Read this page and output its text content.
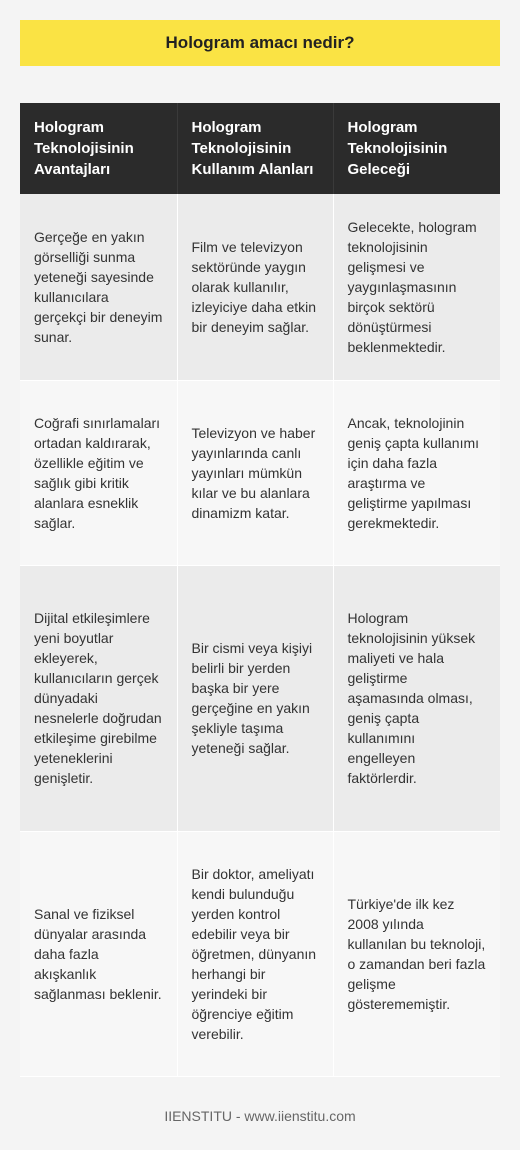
Hologram amacı nedir?
Hologram Teknolojisinin Avantajları	Hologram Teknolojisinin Kullanım Alanları	Hologram Teknolojisinin Geleceği
Gerçeğe en yakın görselliği sunma yeteneği sayesinde kullanıcılara gerçekçi bir deneyim sunar.	Film ve televizyon sektöründe yaygın olarak kullanılır, izleyiciye daha etkin bir deneyim sağlar.	Gelecekte, hologram teknolojisinin gelişmesi ve yaygınlaşmasının birçok sektörü dönüştürmesi beklenmektedir.
Coğrafi sınırlamaları ortadan kaldırarak, özellikle eğitim ve sağlık gibi kritik alanlara esneklik sağlar.	Televizyon ve haber yayınlarında canlı yayınları mümkün kılar ve bu alanlara dinamizm katar.	Ancak, teknolojinin geniş çapta kullanımı için daha fazla araştırma ve geliştirme yapılması gerekmektedir.
Dijital etkileşimlere yeni boyutlar ekleyerek, kullanıcıların gerçek dünyadaki nesnelerle doğrudan etkileşime girebilme yeteneklerini genişletir.	Bir cismi veya kişiyi belirli bir yerden başka bir yere gerçeğine en yakın şekliyle taşıma yeteneği sağlar.	Hologram teknolojisinin yüksek maliyeti ve hala geliştirme aşamasında olması, geniş çapta kullanımını engelleyen faktörlerdir.
Sanal ve fiziksel dünyalar arasında daha fazla akışkanlık sağlanması beklenir.	Bir doktor, ameliyatı kendi bulunduğu yerden kontrol edebilir veya bir öğretmen, dünyanın herhangi bir yerindeki bir öğrenciye eğitim verebilir.	Türkiye'de ilk kez 2008 yılında kullanılan bu teknoloji, o zamandan beri fazla gelişme gösterememiştir.
IIENSTITU - www.iienstitu.com
